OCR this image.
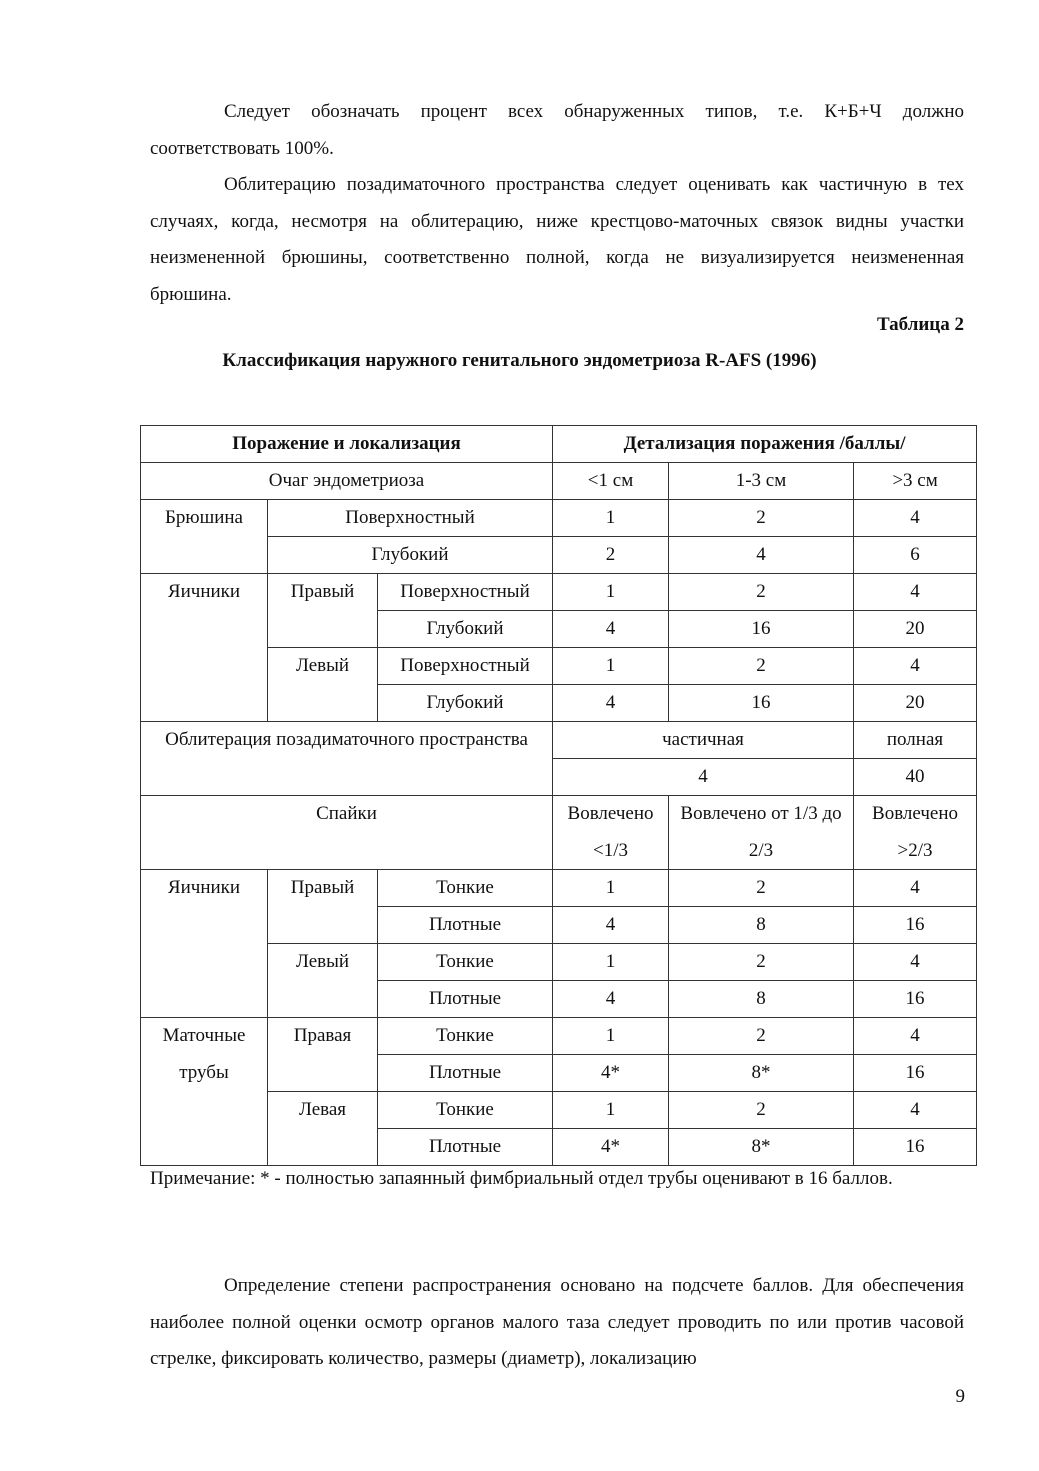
Следует обозначать процент всех обнаруженных типов, т.е. К+Б+Ч должно соответствовать 100%.

Облитерацию позадиматочного пространства следует оценивать как частичную в тех случаях, когда, несмотря на облитерацию, ниже крестцово-маточных связок видны участки неизмененной брюшины, соответственно полной, когда не визуализируется неизмененная брюшина.

Таблица 2

Классификация наружного генитального эндометриоза R-AFS (1996)

Поражение и локализация			Детализация поражения /баллы/		
Очаг эндометриоза			<1 см	1-3 см	>3 см
Брюшина	Поверхностный		1	2	4
	Глубокий		2	4	6
Яичники	Правый	Поверхностный	1	2	4
		Глубокий	4	16	20
	Левый	Поверхностный	1	2	4
		Глубокий	4	16	20
Облитерация позадиматочного пространства			частичная		полная
			4		40
Спайки			Вовлечено <1/3	Вовлечено от 1/3 до 2/3	Вовлечено >2/3
Яичники	Правый	Тонкие	1	2	4
		Плотные	4	8	16
	Левый	Тонкие	1	2	4
		Плотные	4	8	16
Маточные трубы	Правая	Тонкие	1	2	4
		Плотные	4*	8*	16
	Левая	Тонкие	1	2	4
		Плотные	4*	8*	16

Примечание: * - полностью запаянный фимбриальный отдел трубы оценивают в 16 баллов.

Определение степени распространения основано на подсчете баллов. Для обеспечения наиболее полной оценки осмотр органов малого таза следует проводить по или против часовой стрелке, фиксировать количество, размеры (диаметр), локализацию

9
